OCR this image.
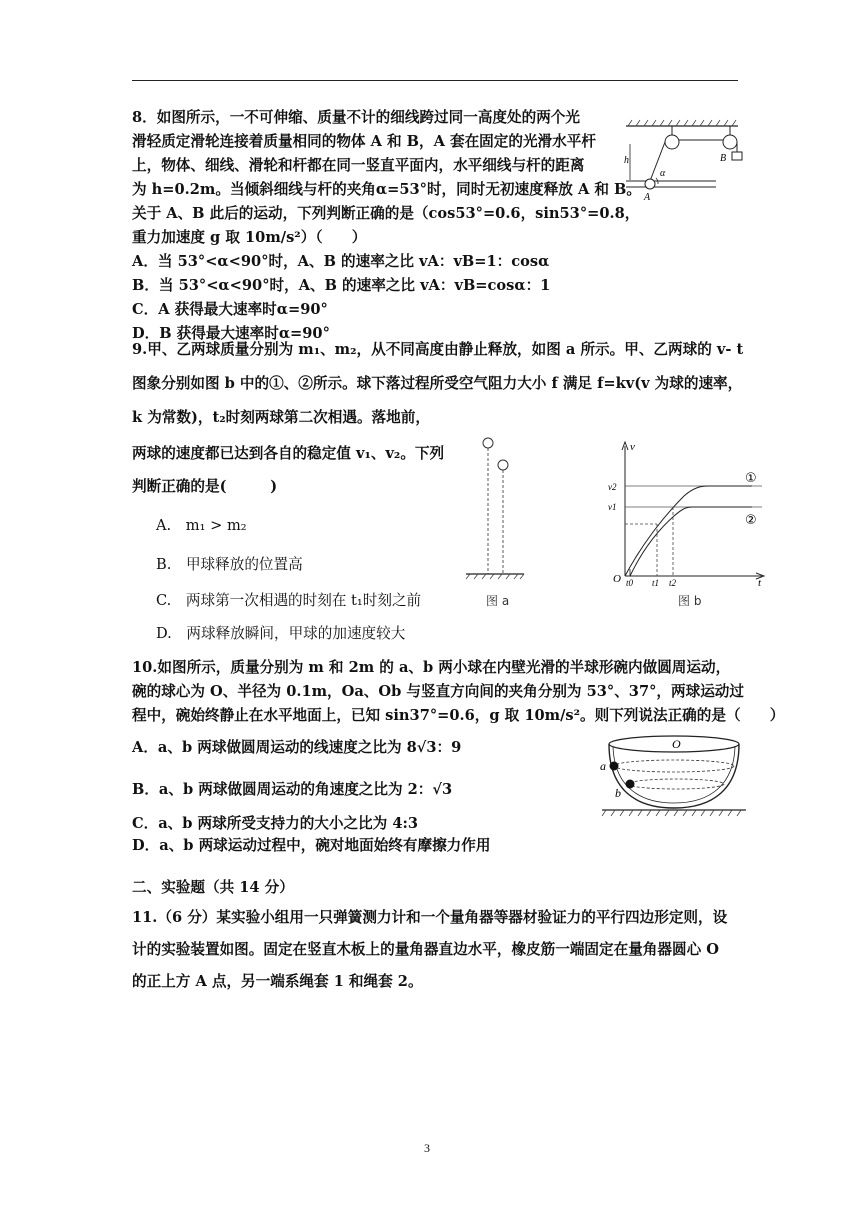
8．如图所示，一不可伸缩、质量不计的细线跨过同一高度处的两个光
滑轻质定滑轮连接着质量相同的物体 A 和 B，A 套在固定的光滑水平杆
上，物体、细线、滑轮和杆都在同一竖直平面内，水平细线与杆的距离
为 h=0.2m。当倾斜细线与杆的夹角α=53°时，同时无初速度释放 A 和 B。
关于 A、B 此后的运动，下列判断正确的是（cos53°=0.6，sin53°=0.8，
重力加速度 g 取 10m/s²）（　　）
A．当 53°<α<90°时，A、B 的速率之比 vA：vB=1：cosα
B．当 53°<α<90°时，A、B 的速率之比 vA：vB=cosα：1
C．A 获得最大速率时α=90°
D．B 获得最大速率时α=90°
B
α
h
A
9.甲、乙两球质量分别为 m₁、m₂，从不同高度由静止释放，如图 a 所示。甲、乙两球的 v- t
图象分别如图 b 中的①、②所示。球下落过程所受空气阻力大小 f 满足 f=kv(v 为球的速率，
k 为常数)，t₂时刻两球第二次相遇。落地前，
两球的速度都已达到各自的稳定值 v₁、v₂。下列
判断正确的是(　　　)
A.　m₁ > m₂
B.　甲球释放的位置高
C.　两球第一次相遇的时刻在 t₁时刻之前
D.　两球释放瞬间，甲球的加速度较大
图 a
v
t
O
v2
v1
t0 t1 t2
①
②
图 b
10.如图所示，质量分别为 m 和 2m 的 a、b 两小球在内壁光滑的半球形碗内做圆周运动，
碗的球心为 O、半径为 0.1m，Oa、Ob 与竖直方向间的夹角分别为 53°、37°，两球运动过
程中，碗始终静止在水平地面上，已知 sin37°=0.6，g 取 10m/s²。则下列说法正确的是（　　）
A．a、b 两球做圆周运动的线速度之比为 8√3：9
B．a、b 两球做圆周运动的角速度之比为 2：√3
C．a、b 两球所受支持力的大小之比为 4:3
D．a、b 两球运动过程中，碗对地面始终有摩擦力作用
O
a
b
二、实验题（共 14 分）
11.（6 分）某实验小组用一只弹簧测力计和一个量角器等器材验证力的平行四边形定则，设
计的实验装置如图。固定在竖直木板上的量角器直边水平，橡皮筋一端固定在量角器圆心 O
的正上方 A 点，另一端系绳套 1 和绳套 2。
3
